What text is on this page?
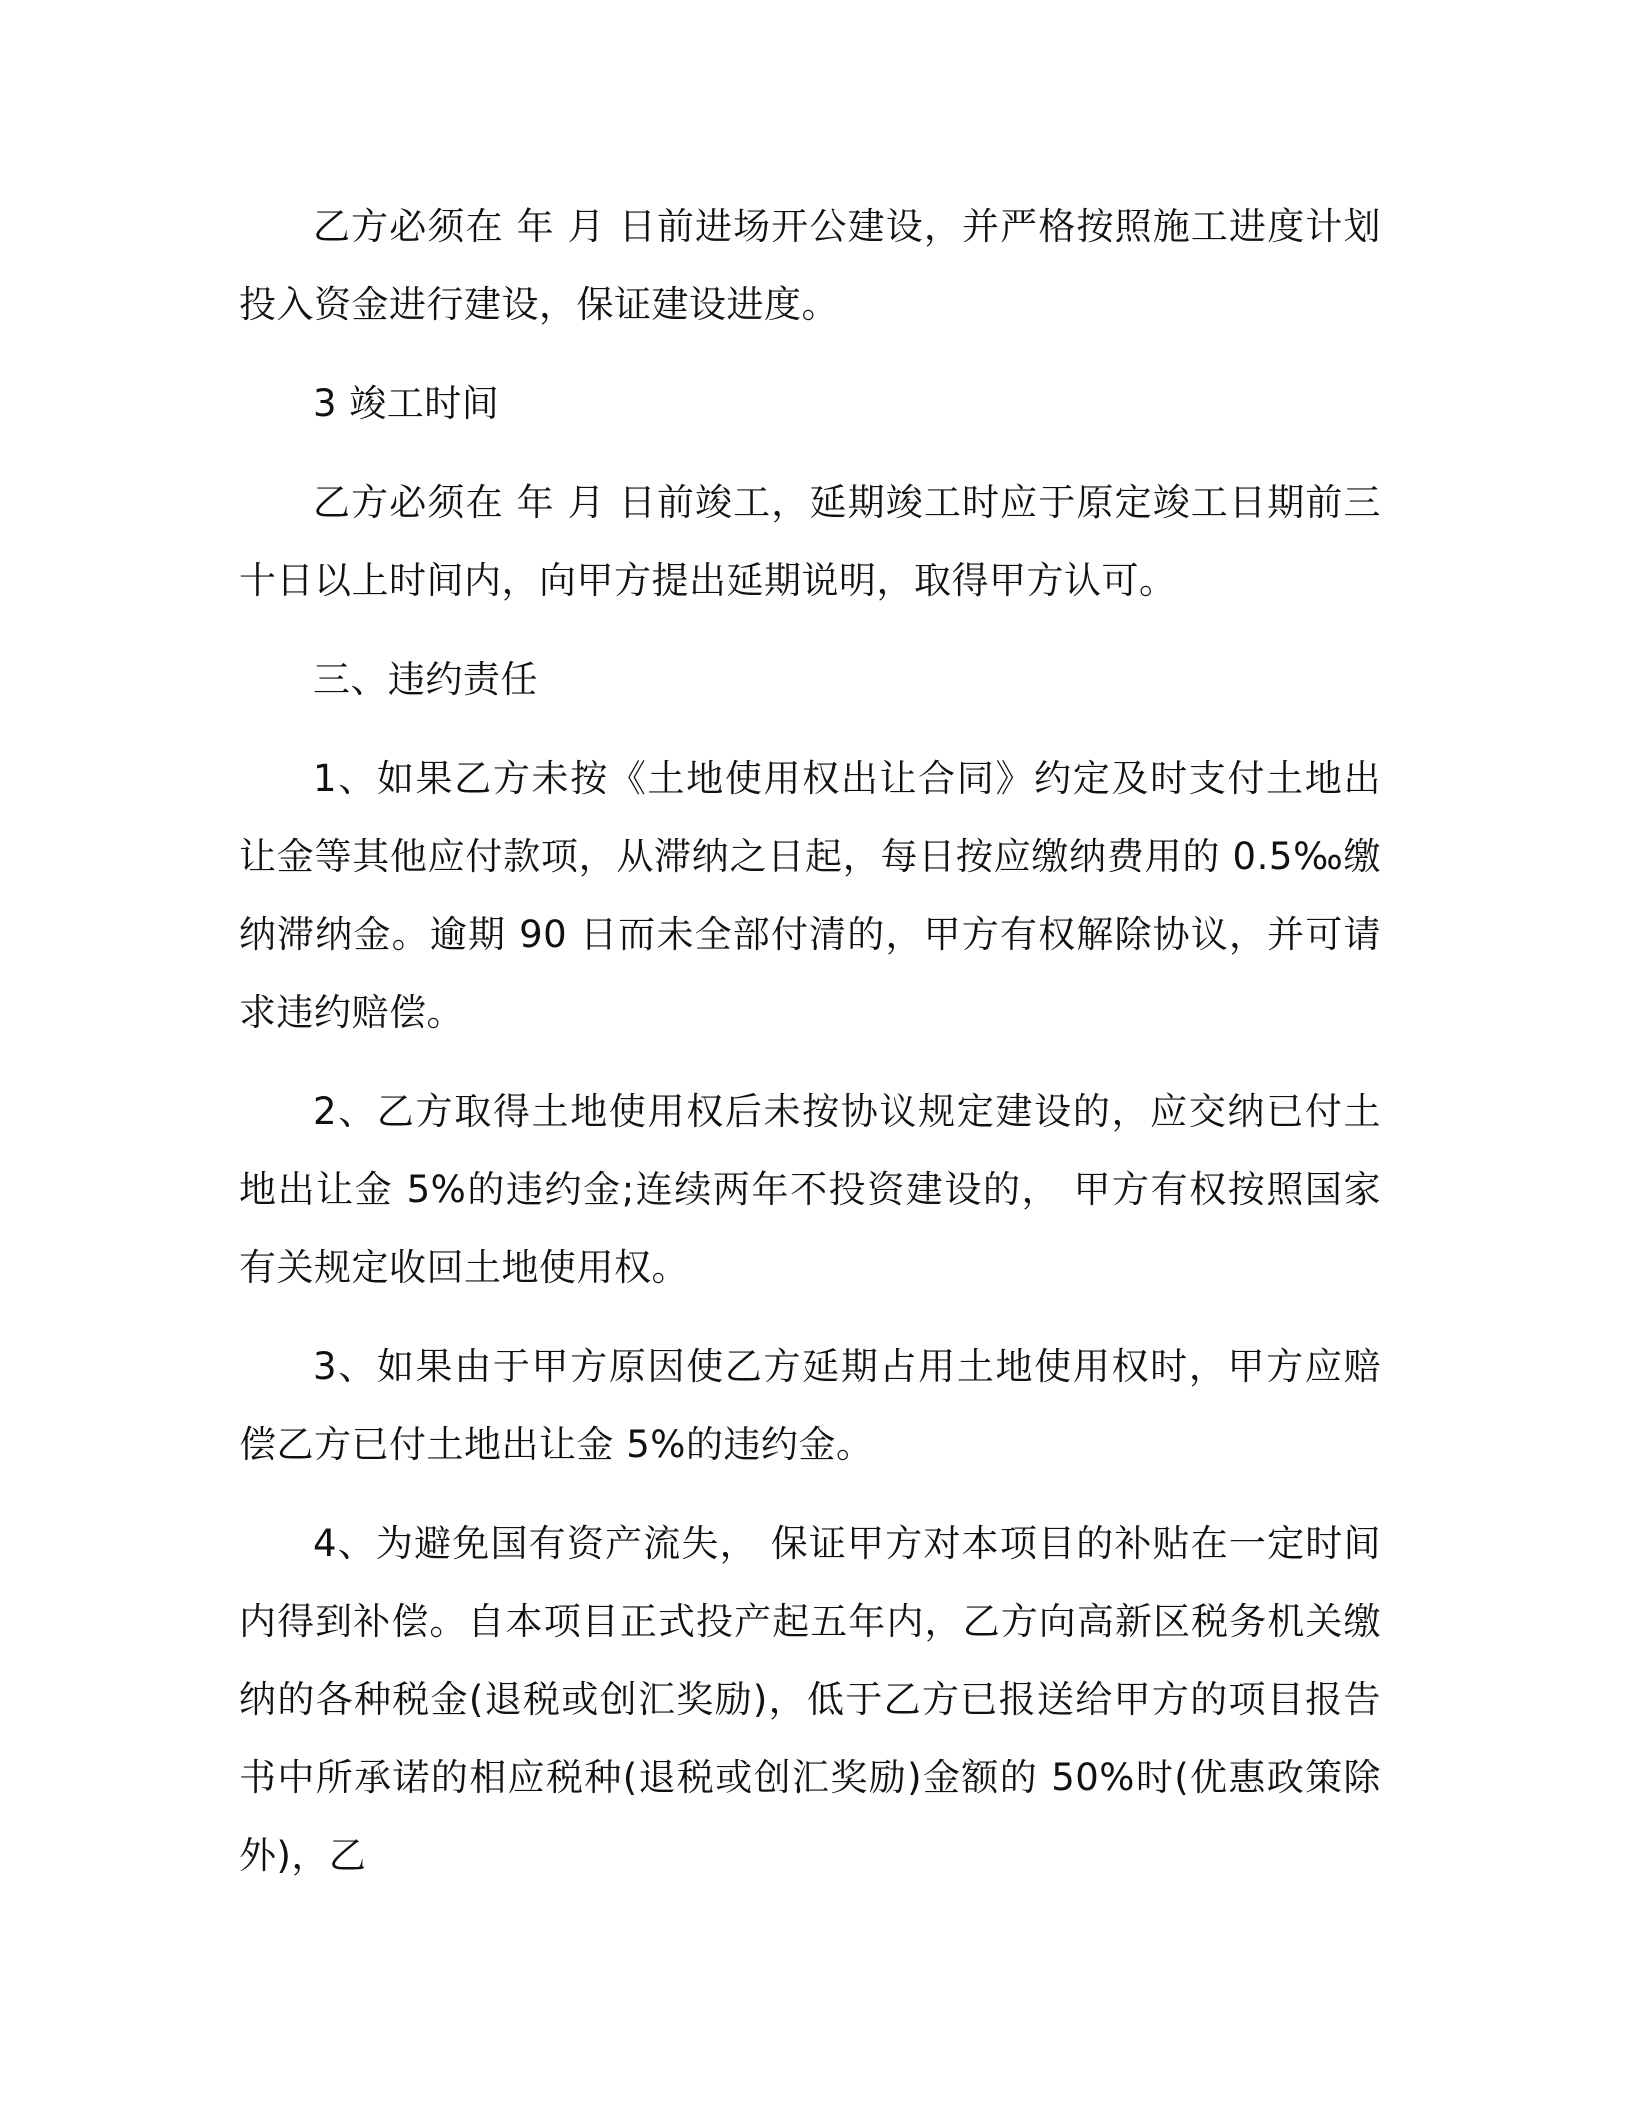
乙方必须在 年 月 日前进场开公建设，并严格按照施工进度计划投入资金进行建设，保证建设进度。

3 竣工时间

乙方必须在 年 月 日前竣工，延期竣工时应于原定竣工日期前三十日以上时间内，向甲方提出延期说明，取得甲方认可。

三、违约责任

1、如果乙方未按《土地使用权出让合同》约定及时支付土地出让金等其他应付款项，从滞纳之日起，每日按应缴纳费用的 0.5‰缴纳滞纳金。逾期 90 日而未全部付清的，甲方有权解除协议，并可请求违约赔偿。

2、乙方取得土地使用权后未按协议规定建设的，应交纳已付土地出让金 5%的违约金;连续两年不投资建设的， 甲方有权按照国家有关规定收回土地使用权。

3、如果由于甲方原因使乙方延期占用土地使用权时，甲方应赔偿乙方已付土地出让金 5%的违约金。

4、为避免国有资产流失， 保证甲方对本项目的补贴在一定时间内得到补偿。自本项目正式投产起五年内，乙方向高新区税务机关缴纳的各种税金(退税或创汇奖励)，低于乙方已报送给甲方的项目报告书中所承诺的相应税种(退税或创汇奖励)金额的 50%时(优惠政策除外)，乙
